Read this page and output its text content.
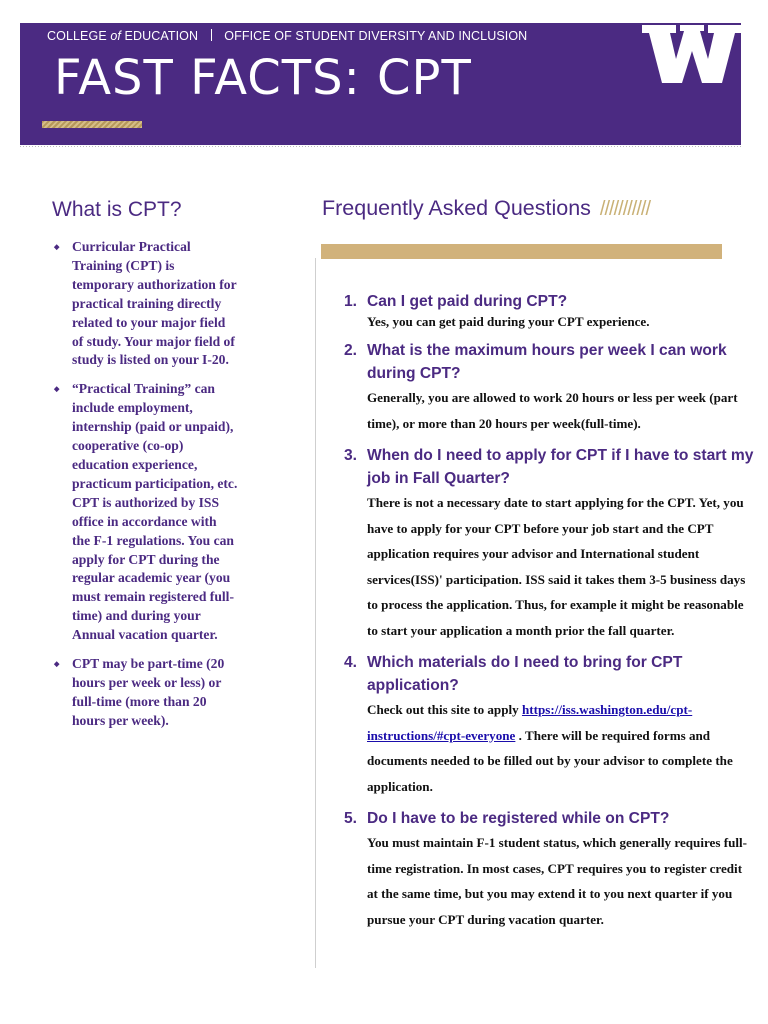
COLLEGE of EDUCATION OFFICE OF STUDENT DIVERSITY AND INCLUSION
FAST FACTS: CPT
What is CPT?
◆ Curricular Practical Training (CPT) is temporary authorization for practical training directly related to your major field of study. Your major field of study is listed on your I-20.
◆ “Practical Training” can include employment, internship (paid or unpaid), cooperative (co-op) education experience, practicum participation, etc. CPT is authorized by ISS office in accordance with the F-1 regulations. You can apply for CPT during the regular academic year (you must remain registered full-time) and during your Annual vacation quarter.
◆ CPT may be part-time (20 hours per week or less) or full-time (more than 20 hours per week).
Frequently Asked Questions ///////////
1. Can I get paid during CPT?
Yes, you can get paid during your CPT experience.
2. What is the maximum hours per week I can work during CPT?
Generally, you are allowed to work 20 hours or less per week (part time), or more than 20 hours per week(full-time).
3. When do I need to apply for CPT if I have to start my job in Fall Quarter?
There is not a necessary date to start applying for the CPT. Yet, you have to apply for your CPT before your job start and the CPT application requires your advisor and International student services(ISS)' participation. ISS said it takes them 3-5 business days to process the application. Thus, for example it might be reasonable to start your application a month prior the fall quarter.
4. Which materials do I need to bring for CPT application?
Check out this site to apply https://iss.washington.edu/cpt-instructions/#cpt-everyone . There will be required forms and documents needed to be filled out by your advisor to complete the application.
5. Do I have to be registered while on CPT?
You must maintain F-1 student status, which generally requires full-time registration. In most cases, CPT requires you to register credit at the same time, but you may extend it to you next quarter if you pursue your CPT during vacation quarter.
